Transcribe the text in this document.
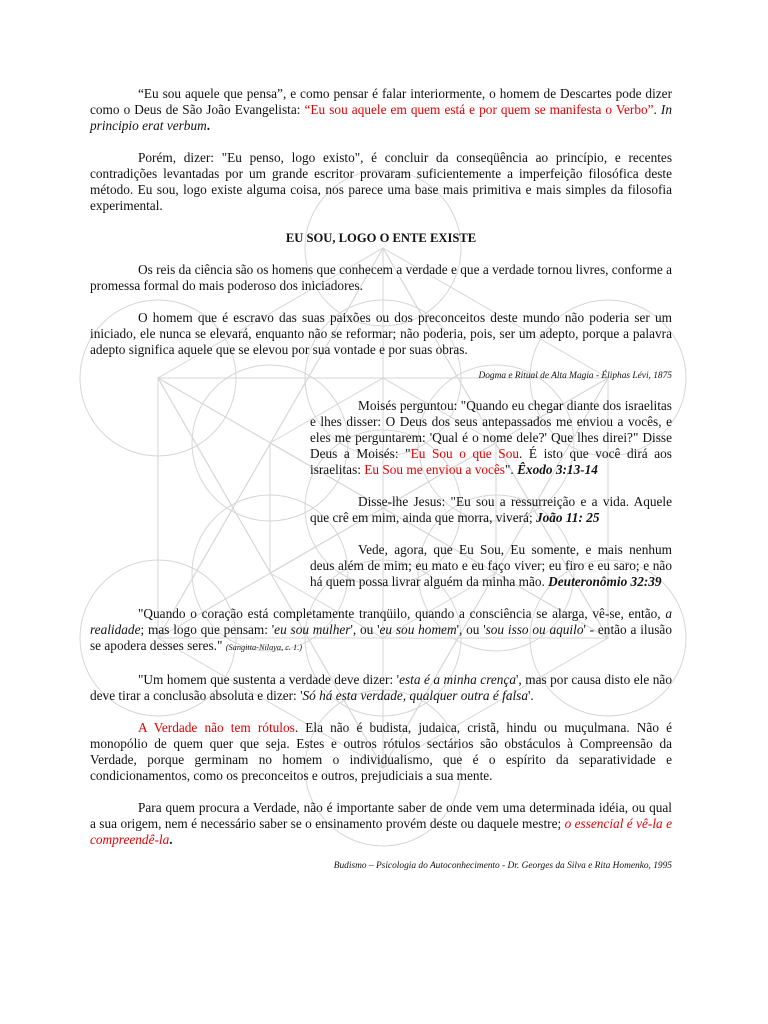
“Eu sou aquele que pensa”, e como pensar é falar interiormente, o homem de Descartes pode dizer como o Deus de São João Evangelista: “Eu sou aquele em quem está e por quem se manifesta o Verbo”. In principio erat verbum.

Porém, dizer: "Eu penso, logo existo", é concluir da conseqüência ao princípio, e recentes contradições levantadas por um grande escritor provaram suficientemente a imperfeição filosófica deste método. Eu sou, logo existe alguma coisa, nos parece uma base mais primitiva e mais simples da filosofia experimental.

EU SOU, LOGO O ENTE EXISTE

Os reis da ciência são os homens que conhecem a verdade e que a verdade tornou livres, conforme a promessa formal do mais poderoso dos iniciadores.

O homem que é escravo das suas paixões ou dos preconceitos deste mundo não poderia ser um iniciado, ele nunca se elevará, enquanto não se reformar; não poderia, pois, ser um adepto, porque a palavra adepto significa aquele que se elevou por sua vontade e por suas obras.

Dogma e Ritual de Alta Magia - Éliphas Lévi, 1875

Moisés perguntou: "Quando eu chegar diante dos israelitas e lhes disser: O Deus dos seus antepassados me enviou a vocês, e eles me perguntarem: 'Qual é o nome dele?' Que lhes direi?" Disse Deus a Moisés: "Eu Sou o que Sou. É isto que você dirá aos israelitas: Eu Sou me enviou a vocês". Êxodo 3:13-14

Disse-lhe Jesus: "Eu sou a ressurreição e a vida. Aquele que crê em mim, ainda que morra, viverá; João 11: 25

Vede, agora, que Eu Sou, Eu somente, e mais nenhum deus além de mim; eu mato e eu faço viver; eu firo e eu saro; e não há quem possa livrar alguém da minha mão. Deuteronômio 32:39

"Quando o coração está completamente tranqüilo, quando a consciência se alarga, vê-se, então, a realidade; mas logo que pensam: 'eu sou mulher', ou 'eu sou homem', ou 'sou isso ou aquilo' - então a ilusão se apodera desses seres." (Sangitta-Nilaya, c. 1.)

"Um homem que sustenta a verdade deve dizer: 'esta é a minha crença', mas por causa disto ele não deve tirar a conclusão absoluta e dizer: 'Só há esta verdade, qualquer outra é falsa'.

A Verdade não tem rótulos. Ela não é budista, judaica, cristã, hindu ou muçulmana. Não é monopólio de quem quer que seja. Estes e outros rótulos sectários são obstáculos à Compreensão da Verdade, porque germinam no homem o individualismo, que é o espírito da separatividade e condicionamentos, como os preconceitos e outros, prejudiciais a sua mente.

Para quem procura a Verdade, não é importante saber de onde vem uma determinada idéia, ou qual a sua origem, nem é necessário saber se o ensinamento provém deste ou daquele mestre; o essencial é vê-la e compreendê-la.

Budismo – Psicologia do Autoconhecimento - Dr. Georges da Silva e Rita Homenko, 1995
